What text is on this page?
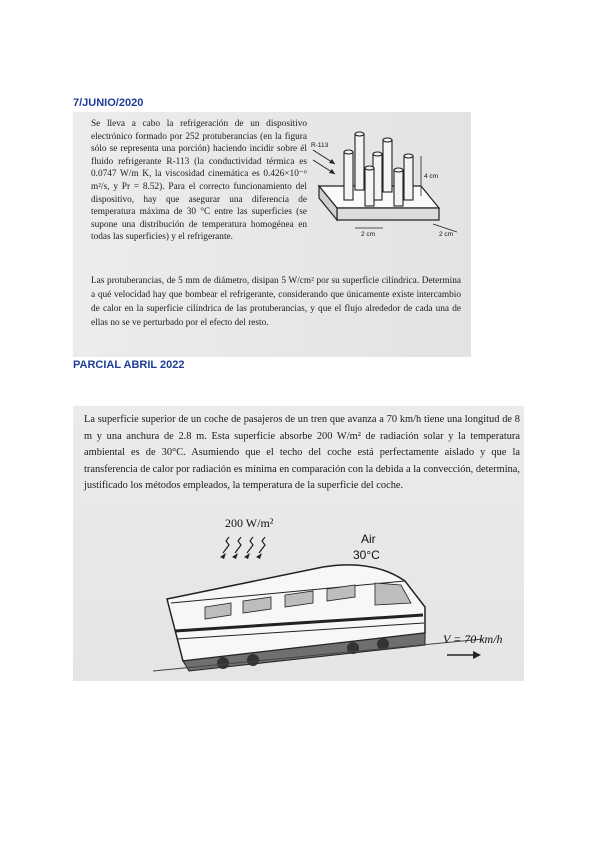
7/JUNIO/2020

Se lleva a cabo la refrigeración de un dispositivo electrónico formado por 252 protuberancias (en la figura sólo se representa una porción) haciendo incidir sobre él fluido refrigerante R-113 (la conductividad térmica es 0.0747 W/m K, la viscosidad cinemática es 0.426×10⁻⁶ m²/s, y Pr = 8.52). Para el correcto funcionamiento del dispositivo, hay que asegurar una diferencia de temperatura máxima de 30 °C entre las superficies (se supone una distribución de temperatura homogénea en todas las superficies) y el refrigerante.

R-113
4 cm
2 cm	2 cm

Las protuberancias, de 5 mm de diámetro, disipan 5 W/cm² por su superficie cilíndrica. Determina a qué velocidad hay que bombear el refrigerante, considerando que únicamente existe intercambio de calor en la superficie cilíndrica de las protuberancias, y que el flujo alrededor de cada una de ellas no se ve perturbado por el efecto del resto.

PARCIAL ABRIL 2022

La superficie superior de un coche de pasajeros de un tren que avanza a 70 km/h tiene una longitud de 8 m y una anchura de 2.8 m. Esta superficie absorbe 200 W/m² de radiación solar y la temperatura ambiental es de 30°C. Asumiendo que el techo del coche está perfectamente aislado y que la transferencia de calor por radiación es mínima en comparación con la debida a la convección, determina, justificado los métodos empleados, la temperatura de la superficie del coche.

200 W/m²
Air
30°C
V = 70 km/h
